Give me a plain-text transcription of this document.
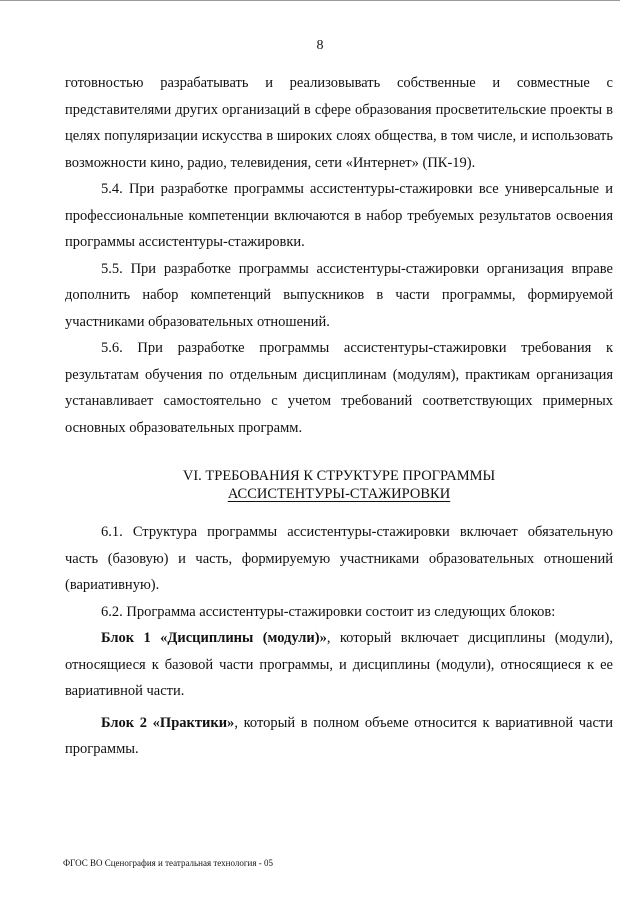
8

готовностью разрабатывать и реализовывать собственные и совместные с представителями других организаций в сфере образования просветительские проекты в целях популяризации искусства в широких слоях общества, в том числе, и использовать возможности кино, радио, телевидения, сети «Интернет» (ПК-19).

5.4. При разработке программы ассистентуры-стажировки все универсальные и профессиональные компетенции включаются в набор требуемых результатов освоения программы ассистентуры-стажировки.

5.5. При разработке программы ассистентуры-стажировки организация вправе дополнить набор компетенций выпускников в части программы, формируемой участниками образовательных отношений.

5.6. При разработке программы ассистентуры-стажировки требования к результатам обучения по отдельным дисциплинам (модулям), практикам организация устанавливает самостоятельно с учетом требований соответствующих примерных основных образовательных программ.

VI. ТРЕБОВАНИЯ К СТРУКТУРЕ ПРОГРАММЫ
АССИСТЕНТУРЫ-СТАЖИРОВКИ

6.1. Структура программы ассистентуры-стажировки включает обязательную часть (базовую) и часть, формируемую участниками образовательных отношений (вариативную).

6.2. Программа ассистентуры-стажировки состоит из следующих блоков:

Блок 1 «Дисциплины (модули)», который включает дисциплины (модули), относящиеся к базовой части программы, и дисциплины (модули), относящиеся к ее вариативной части.

Блок 2 «Практики», который в полном объеме относится к вариативной части программы.

ФГОС ВО Сценография и театральная технология - 05
